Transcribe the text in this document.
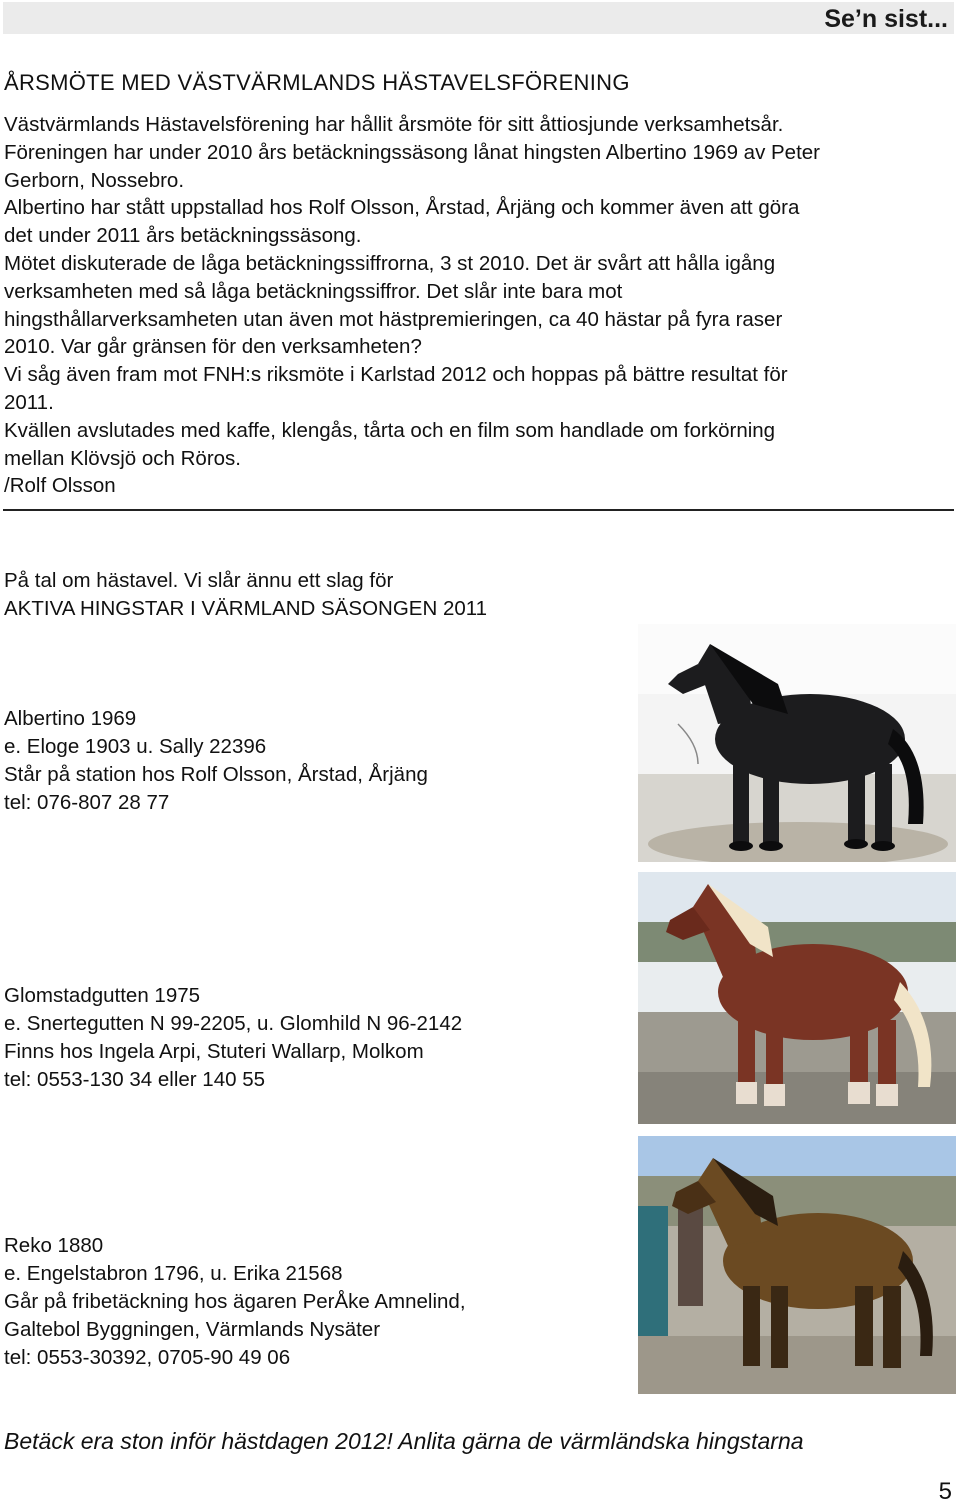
Se’n sist...
ÅRSMÖTE MED VÄSTVÄRMLANDS HÄSTAVELSFÖRENING
Västvärmlands Hästavelsförening har hållit årsmöte för sitt åttiosjunde verksamhetsår.
Föreningen har under 2010 års betäckningssäsong lånat hingsten Albertino 1969 av Peter
Gerborn, Nossebro.
Albertino har stått uppstallad hos Rolf Olsson, Årstad, Årjäng och kommer även att göra
det under 2011 års betäckningssäsong.
Mötet diskuterade de låga betäckningssiffrorna, 3 st 2010. Det är svårt att hålla igång
verksamheten med så låga betäckningssiffror. Det slår inte bara mot
hingsthållarverksamheten utan även mot hästpremieringen, ca 40 hästar på fyra raser
2010. Var går gränsen för den verksamheten?
Vi såg även fram mot FNH:s riksmöte i Karlstad 2012 och hoppas på bättre resultat för
2011.
Kvällen avslutades med kaffe, klengås, tårta och en film som handlade om forkörning
mellan Klövsjö och Röros.
/Rolf Olsson
På tal om hästavel. Vi slår ännu ett slag för
AKTIVA HINGSTAR I VÄRMLAND SÄSONGEN 2011
Albertino 1969
e. Eloge 1903 u. Sally 22396
Står på station hos Rolf Olsson, Årstad, Årjäng
tel: 076-807 28 77
Glomstadgutten 1975
e. Snertegutten N 99-2205, u. Glomhild N 96-2142
Finns hos Ingela Arpi, Stuteri Wallarp, Molkom
tel: 0553-130 34 eller 140 55
Reko 1880
e. Engelstabron 1796, u. Erika 21568
Går på fribetäckning hos ägaren PerÅke Amnelind,
Galtebol Byggningen, Värmlands Nysäter
tel: 0553-30392, 0705-90 49 06
Betäck era ston inför hästdagen 2012! Anlita gärna de värmländska hingstarna
5
